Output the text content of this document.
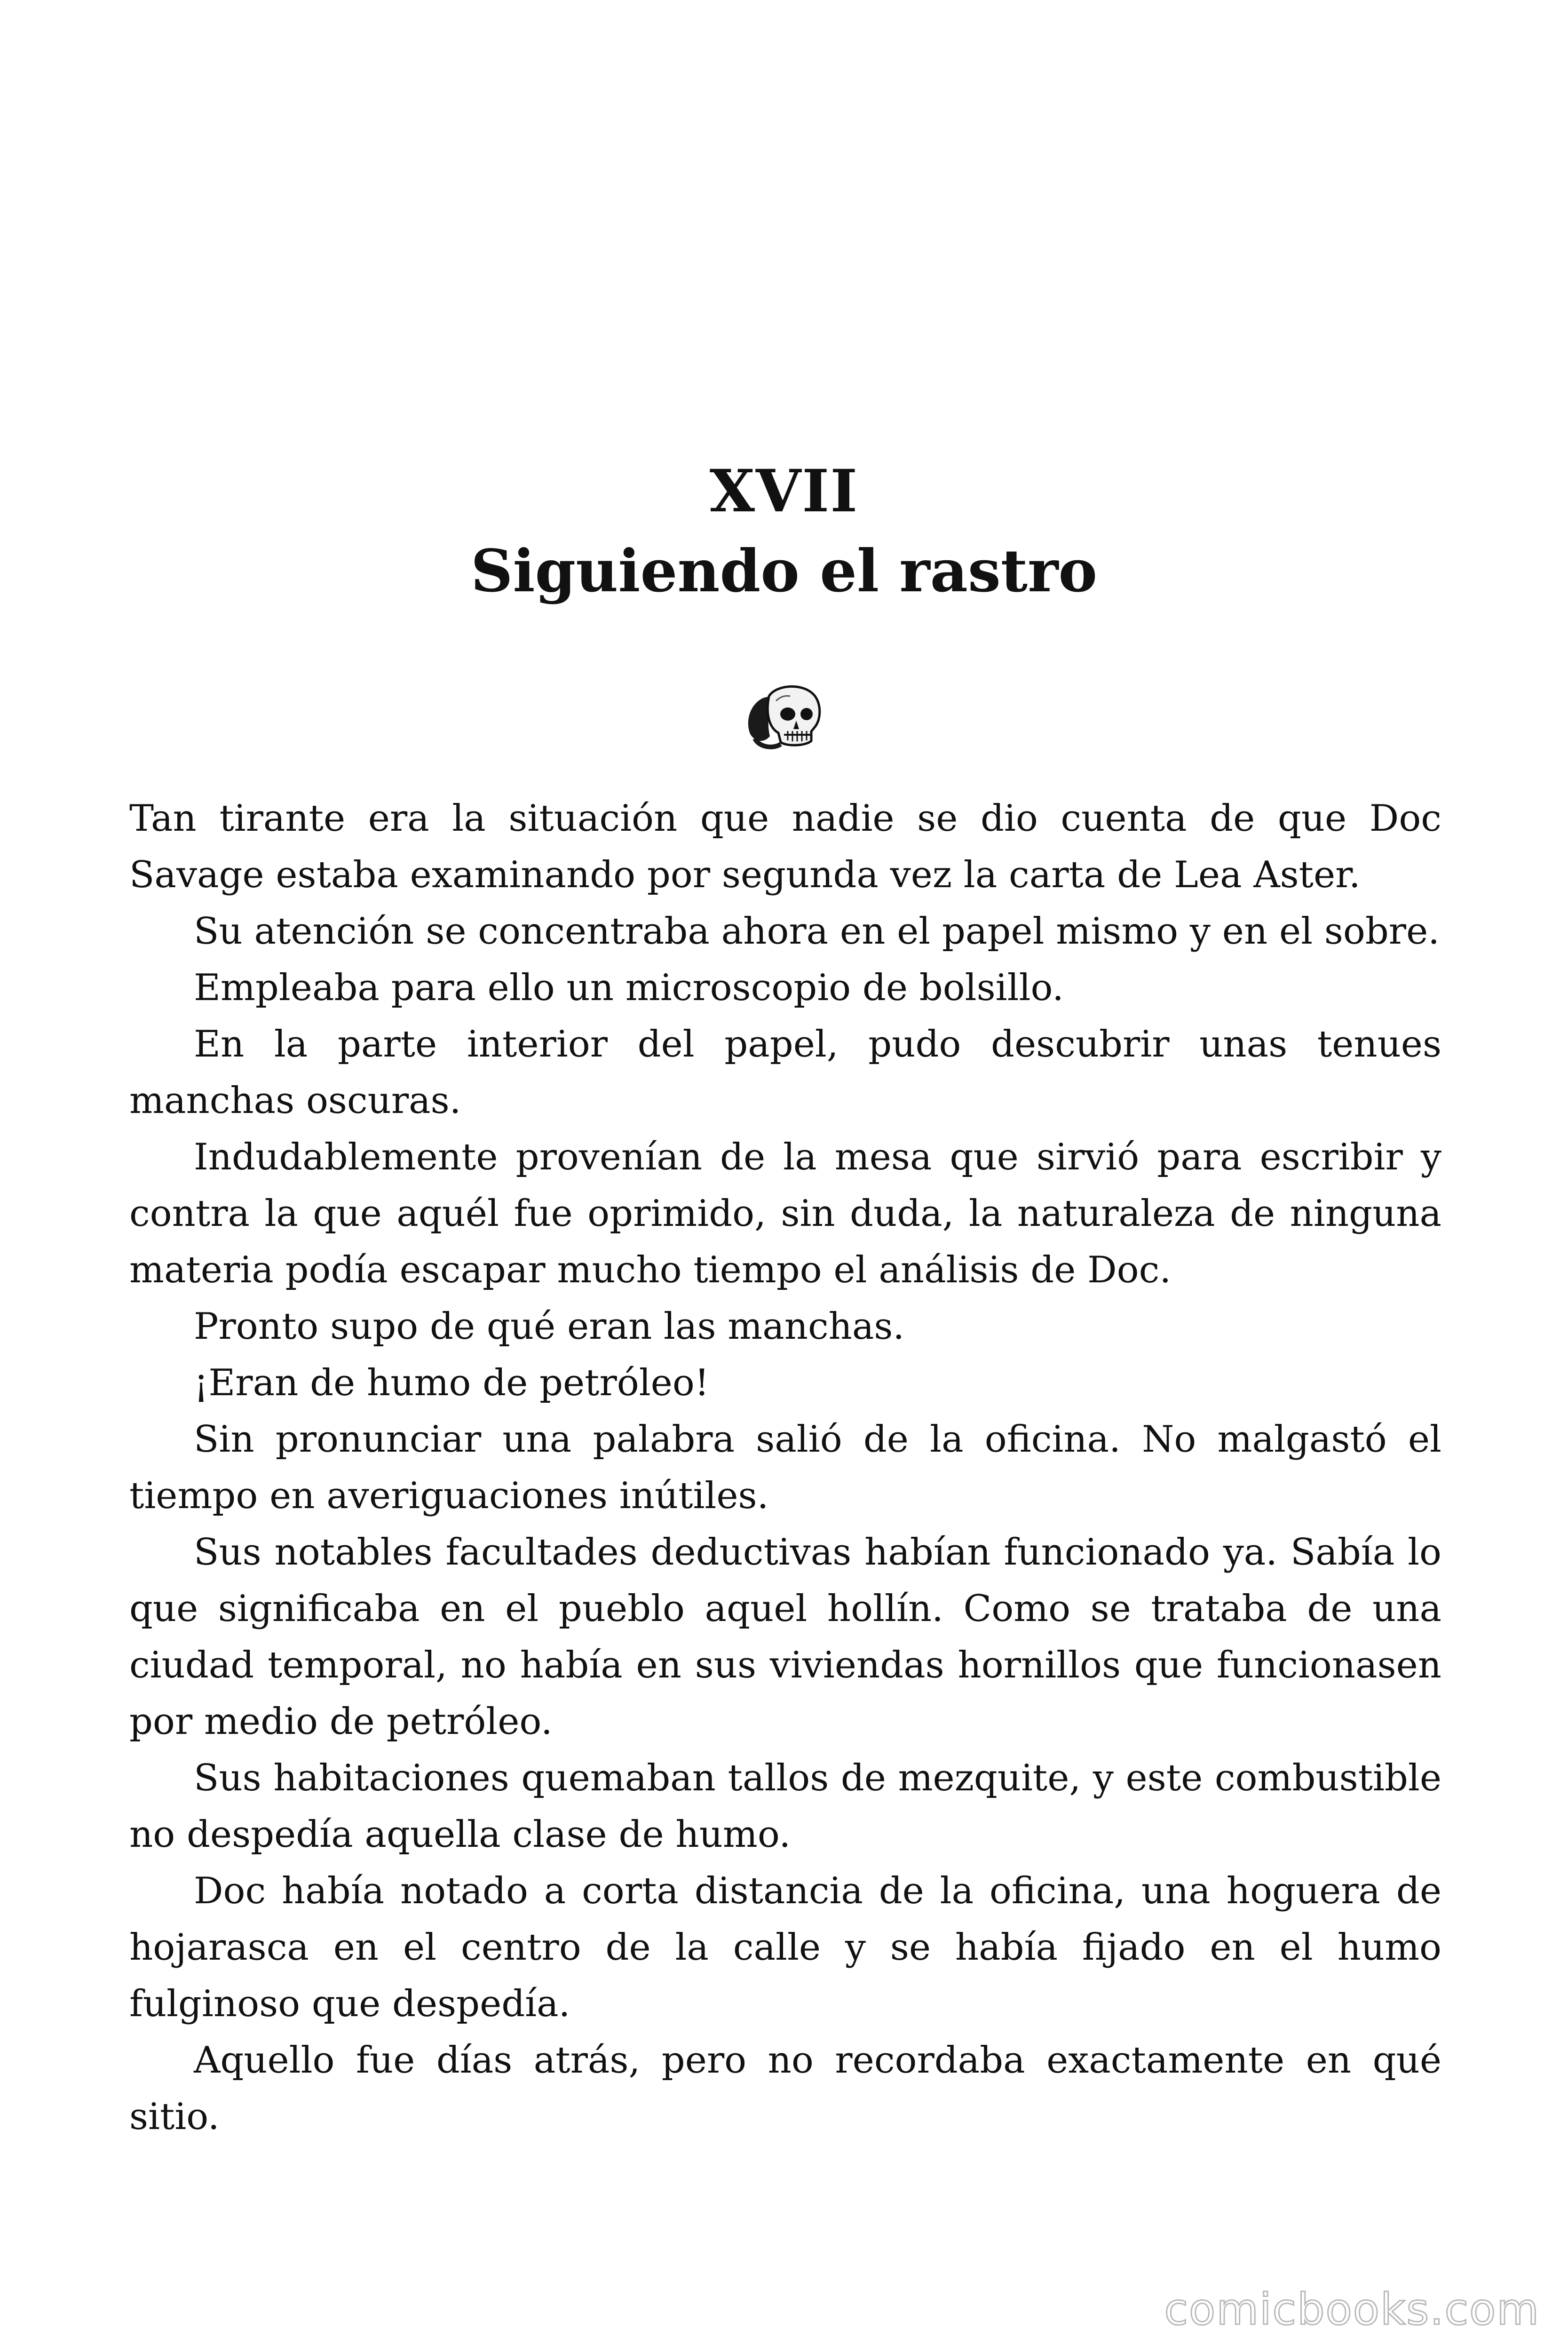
XVII
Siguiendo el rastro

Tan tirante era la situación que nadie se dio cuenta de que Doc Savage estaba examinando por segunda vez la carta de Lea Aster.

Su atención se concentraba ahora en el papel mismo y en el sobre.

Empleaba para ello un microscopio de bolsillo.

En la parte interior del papel, pudo descubrir unas tenues manchas oscuras.

Indudablemente provenían de la mesa que sirvió para escribir y contra la que aquél fue oprimido, sin duda, la naturaleza de ninguna materia podía escapar mucho tiempo el análisis de Doc.

Pronto supo de qué eran las manchas.

¡Eran de humo de petróleo!

Sin pronunciar una palabra salió de la oficina. No malgastó el tiempo en averiguaciones inútiles.

Sus notables facultades deductivas habían funcionado ya. Sabía lo que significaba en el pueblo aquel hollín. Como se trataba de una ciudad temporal, no había en sus viviendas hornillos que funcionasen por medio de petróleo.

Sus habitaciones quemaban tallos de mezquite, y este combustible no despedía aquella clase de humo.

Doc había notado a corta distancia de la oficina, una hoguera de hojarasca en el centro de la calle y se había fijado en el humo fulginoso que despedía.

Aquello fue días atrás, pero no recordaba exactamente en qué sitio.

comicbooks.com
